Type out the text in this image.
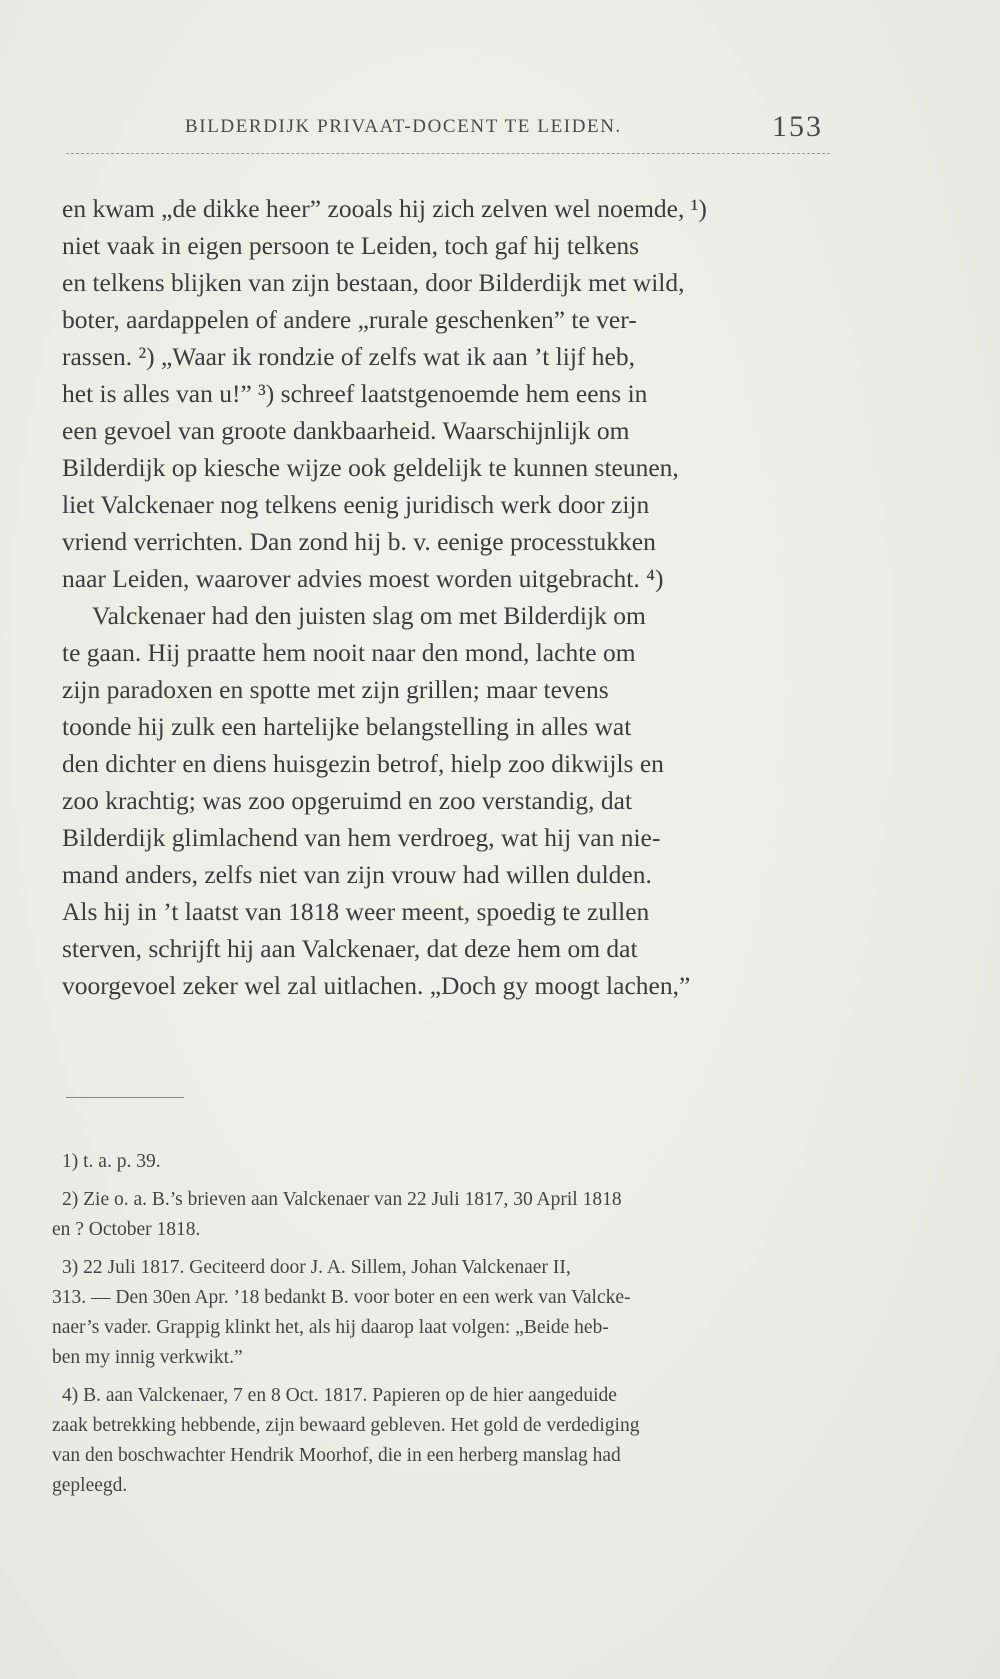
BILDERDIJK PRIVAAT-DOCENT TE LEIDEN.	153
en kwam „de dikke heer” zooals hij zich zelven wel noemde, ¹)
niet vaak in eigen persoon te Leiden, toch gaf hij telkens
en telkens blijken van zijn bestaan, door Bilderdijk met wild,
boter, aardappelen of andere „rurale geschenken” te ver-
rassen. ²) „Waar ik rondzie of zelfs wat ik aan ’t lijf heb,
het is alles van u!” ³) schreef laatstgenoemde hem eens in
een gevoel van groote dankbaarheid. Waarschijnlijk om
Bilderdijk op kiesche wijze ook geldelijk te kunnen steunen,
liet Valckenaer nog telkens eenig juridisch werk door zijn
vriend verrichten. Dan zond hij b. v. eenige processtukken
naar Leiden, waarover advies moest worden uitgebracht. ⁴)
Valckenaer had den juisten slag om met Bilderdijk om
te gaan. Hij praatte hem nooit naar den mond, lachte om
zijn paradoxen en spotte met zijn grillen; maar tevens
toonde hij zulk een hartelijke belangstelling in alles wat
den dichter en diens huisgezin betrof, hielp zoo dikwijls en
zoo krachtig; was zoo opgeruimd en zoo verstandig, dat
Bilderdijk glimlachend van hem verdroeg, wat hij van nie-
mand anders, zelfs niet van zijn vrouw had willen dulden.
Als hij in ’t laatst van 1818 weer meent, spoedig te zullen
sterven, schrijft hij aan Valckenaer, dat deze hem om dat
voorgevoel zeker wel zal uitlachen. „Doch gy moogt lachen,”
1) t. a. p. 39.
2) Zie o. a. B.’s brieven aan Valckenaer van 22 Juli 1817, 30 April 1818
en ? October 1818.
3) 22 Juli 1817. Geciteerd door J. A. Sillem, Johan Valckenaer II,
313. — Den 30en Apr. ’18 bedankt B. voor boter en een werk van Valcke-
naer’s vader. Grappig klinkt het, als hij daarop laat volgen: „Beide heb-
ben my innig verkwikt.”
4) B. aan Valckenaer, 7 en 8 Oct. 1817. Papieren op de hier aangeduide
zaak betrekking hebbende, zijn bewaard gebleven. Het gold de verdediging
van den boschwachter Hendrik Moorhof, die in een herberg manslag had
gepleegd.
